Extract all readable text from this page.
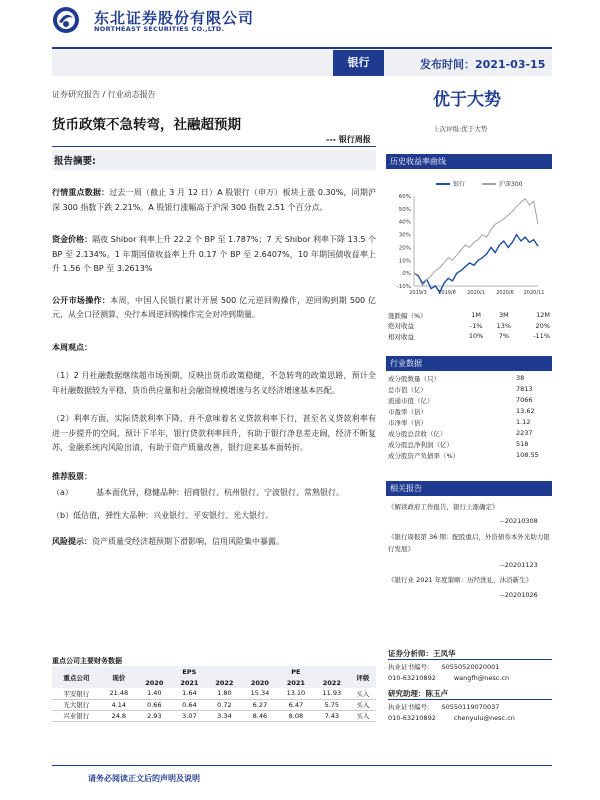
东北证券股份有限公司
NORTHEAST SECURITIES CO.,LTD.
银行	发布时间：2021-03-15
证券研究报告 / 行业动态报告	优于大势
上次评级:优于大势
货币政策不急转弯，社融超预期
--- 银行周报
报告摘要:

行情重点数据：过去一周（截止 3 月 12 日）A 股银行（申万）板块上涨 0.30%，同期沪深 300 指数下跌 2.21%。A 股银行涨幅高于沪深 300 指数 2.51 个百分点。

资金价格：隔夜 Shibor 利率上升 22.2 个 BP 至 1.787%；7 天 Shibor 利率下降 13.5 个 BP 至 2.134%。1 年期国债收益率上升 0.17 个 BP 至 2.6407%，10 年期国债收益率上升 1.56 个 BP 至 3.2613%

公开市场操作：本周，中国人民银行累计开展 500 亿元逆回购操作，逆回购到期 500 亿元，从全口径测算，央行本周逆回购操作完全对冲到期量。

本周观点：

（1）2 月社融数据继续超市场预期，反映出货币政策稳健，不急转弯的政策思路，预计全年社融数据较为平稳，货币供应量和社会融资规模增速与名义经济增速基本匹配。

（2）利率方面，实际贷款利率下降，并不意味着名义贷款利率下行，甚至名义贷款利率有进一步提升的空间，预计下半年，银行贷款利率回升，有助于银行净息差走阔，经济不断复苏，金融系统内风险出清，有助于资产质量改善，银行迎来基本面转折。

推荐股票：

（a）	基本面优异，稳健品种：招商银行、杭州银行、宁波银行、常熟银行。

（b）低估值，弹性大品种：兴业银行、平安银行、光大银行。

风险提示：资产质量受经济超预期下滑影响，信用风险集中暴露。

重点公司主要财务数据
重点公司	现价	EPS			PE			评级
		2020	2021	2022	2020	2021	2022	
平安银行	21.48	1.40	1.64	1.80	15.34	13.10	11.93	买入
光大银行	4.14	0.66	0.64	0.72	6.27	6.47	5.75	买入
兴业银行	24.8	2.93	3.07	3.34	8.46	8.08	7.43	买入
历史收益率曲线
银行	沪深300
60%
50%
40%
30%
20%
10%
0%
-10%
2019/3 2019/8 2020/1 2020/6 2020/11
涨跌幅（%）	1M	3M	12M
绝对收益	-1%	13%	20%
相对收益	10%	7%	-11%
行业数据
成分股数量（只）	38
总市值（亿）	7813
流通市值（亿）	7066
市盈率（倍）	13.62
市净率（倍）	1.12
成分股总营收（亿）	2237
成分股总净利润（亿）	518
成分股资产负债率（%）	108.55
相关报告
《解读政府工作报告，银行上涨确定》
--20210308
《银行周报第 36 期：配股重启，外资债券本外光助力银行发展》
--20201123
《银行业 2021 年度策略：历经洗礼，沐浴新生》
--20201026
证券分析师：王凤华
执业证书编号： S0550520020001
010-63210892	wangfh@nesc.cn
研究助理：陈玉卢
执业证书编号： S0550119070037
010-63210892	chenyulu@nesc.cn
请务必阅读正文后的声明及说明
